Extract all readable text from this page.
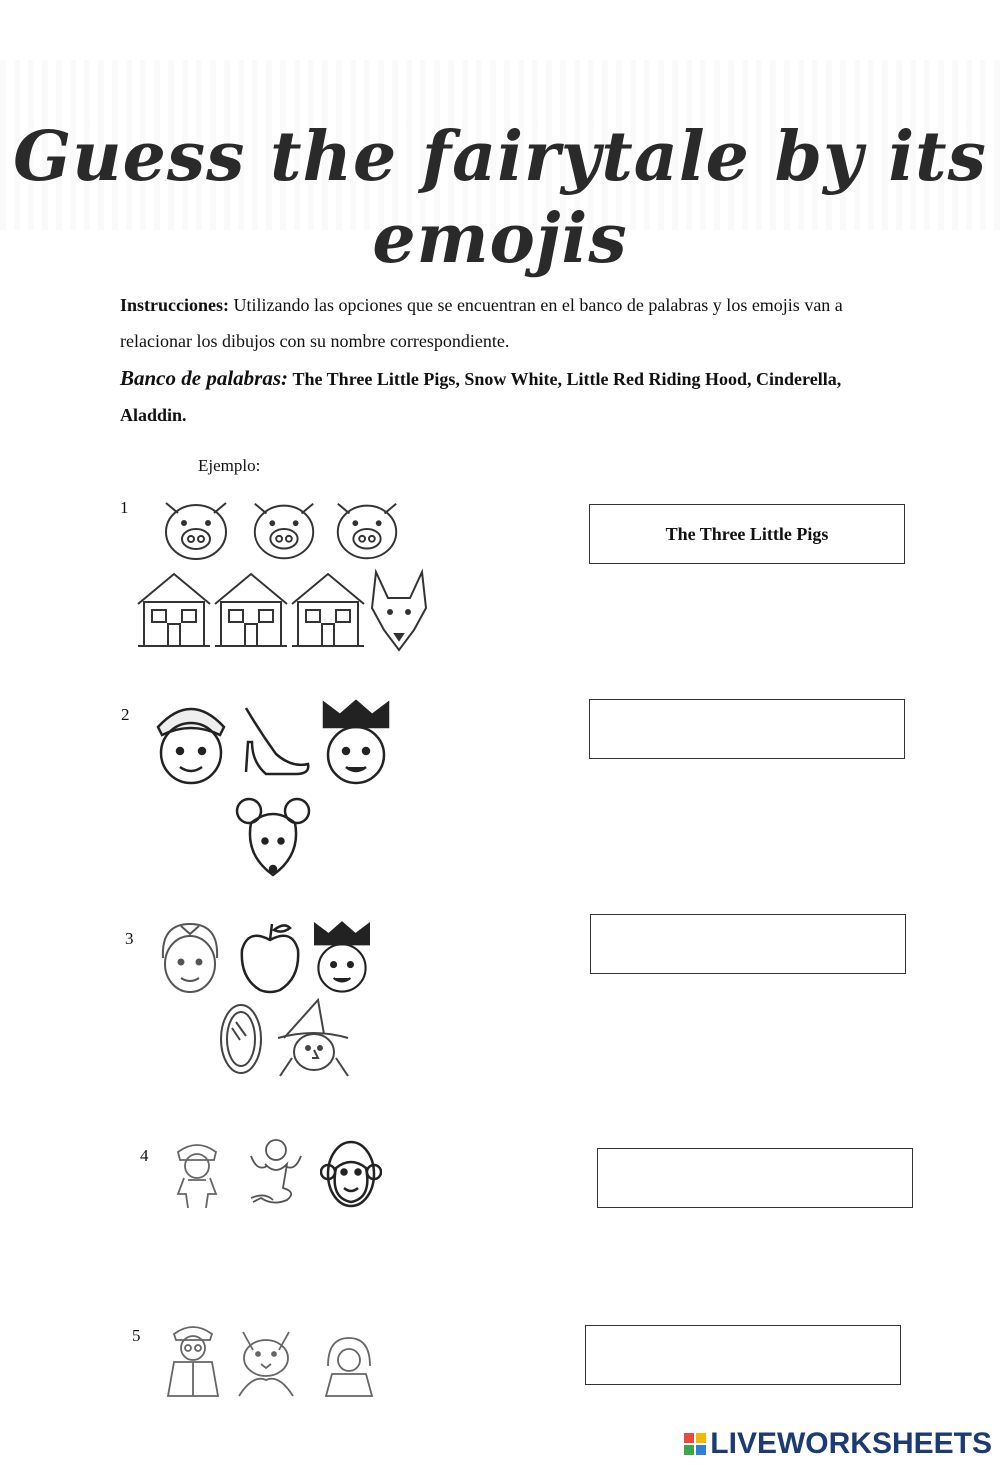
Guess the fairytale by its
emojis
Instrucciones: Utilizando las opciones que se encuentran en el banco de palabras y los emojis van a relacionar los dibujos con su nombre correspondiente.
Banco de palabras: The Three Little Pigs, Snow White, Little Red Riding Hood, Cinderella, Aladdin.
Ejemplo:
1
The Three Little Pigs
2
3
4
5
LIVEWORKSHEETS
